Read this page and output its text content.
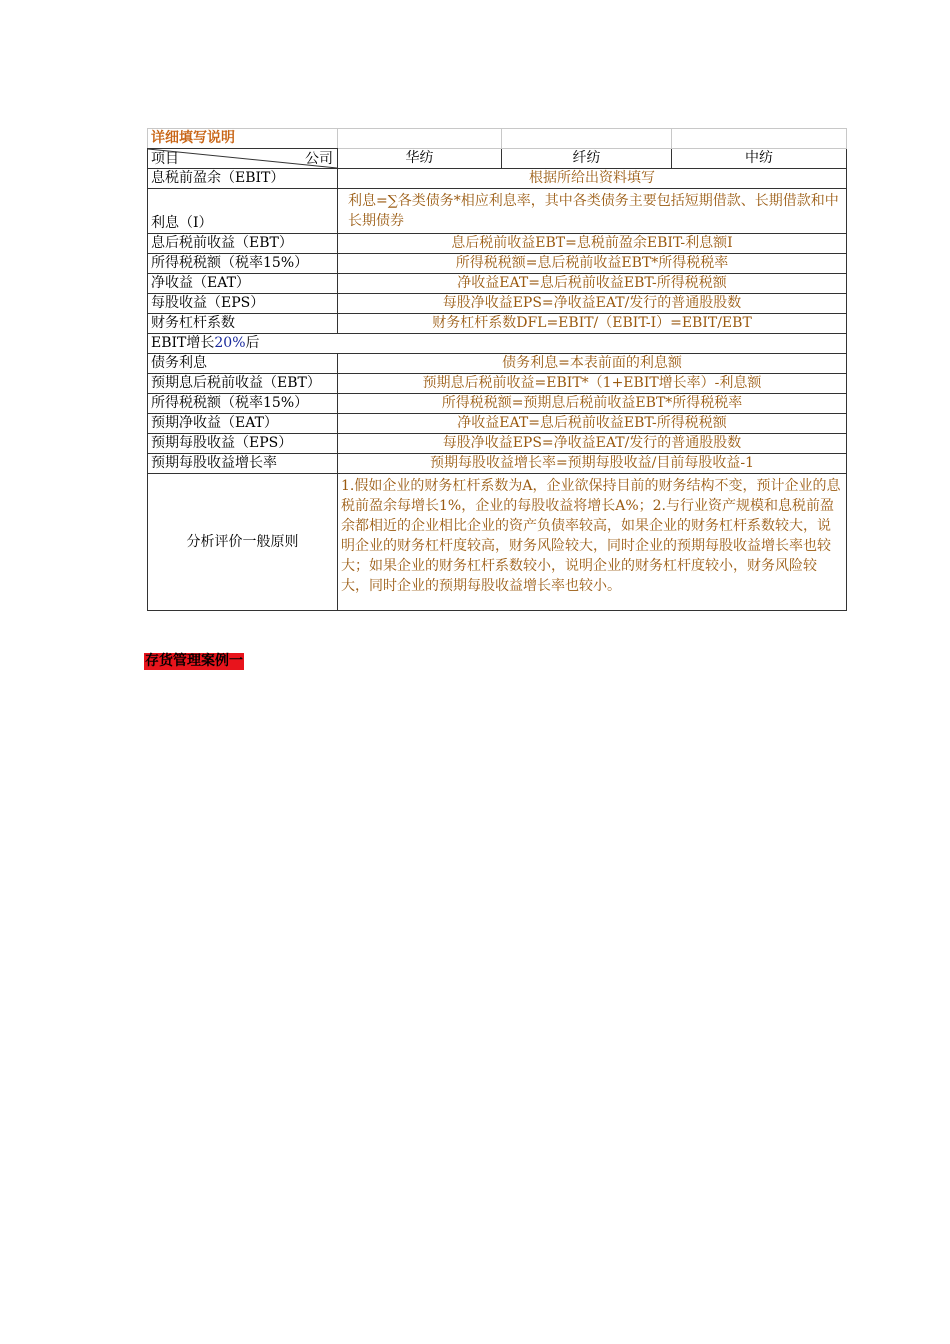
详细填写说明			

项目 公司	华纺	纤纺	中纺
息税前盈余（EBIT）	根据所给出资料填写		
利息（I）	利息=∑各类债务*相应利息率，其中各类债务主要包括短期借款、长期借款和中长期债券		
息后税前收益（EBT）	息后税前收益EBT=息税前盈余EBIT-利息额I		
所得税税额（税率15%）	所得税税额=息后税前收益EBT*所得税税率		
净收益（EAT）	净收益EAT=息后税前收益EBT-所得税税额		
每股收益（EPS）	每股净收益EPS=净收益EAT/发行的普通股股数		
财务杠杆系数	财务杠杆系数DFL=EBIT/（EBIT-I）=EBIT/EBT		
EBIT增长20%后			
债务利息	债务利息=本表前面的利息额		
预期息后税前收益（EBT）	预期息后税前收益=EBIT*（1+EBIT增长率）-利息额		
所得税税额（税率15%）	所得税税额=预期息后税前收益EBT*所得税税率		
预期净收益（EAT）	净收益EAT=息后税前收益EBT-所得税税额		
预期每股收益（EPS）	每股净收益EPS=净收益EAT/发行的普通股股数		
预期每股收益增长率	预期每股收益增长率=预期每股收益/目前每股收益-1		
分析评价一般原则	1.假如企业的财务杠杆系数为A，企业欲保持目前的财务结构不变，预计企业的息税前盈余每增长1%，企业的每股收益将增长A%；2.与行业资产规模和息税前盈余都相近的企业相比企业的资产负债率较高，如果企业的财务杠杆系数较大，说明企业的财务杠杆度较高，财务风险较大，同时企业的预期每股收益增长率也较大；如果企业的财务杠杆系数较小，说明企业的财务杠杆度较小，财务风险较大，同时企业的预期每股收益增长率也较小。		
存货管理案例一
